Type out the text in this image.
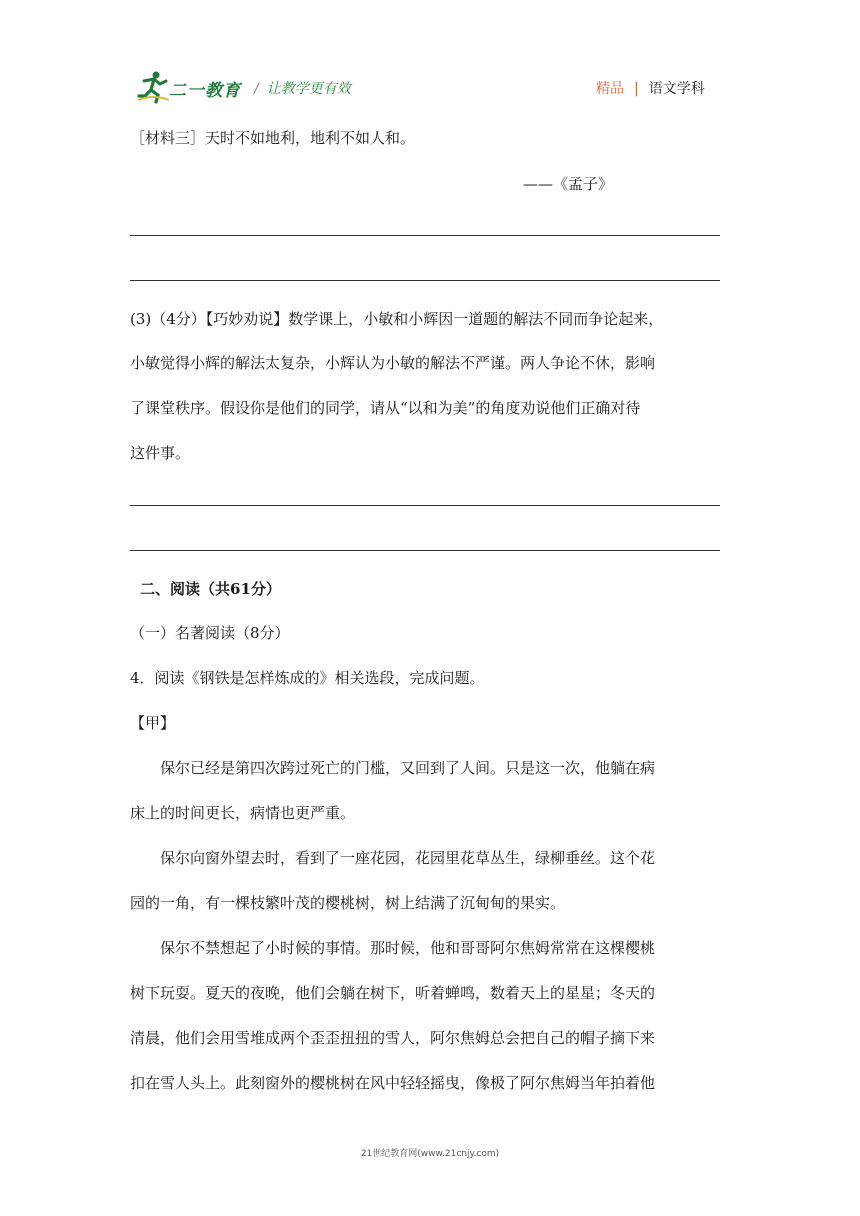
二一教育 / 让教学更有效	精品 | 语文学科
［材料三］天时不如地利，地利不如人和。
——《孟子》
(3)（4分）【巧妙劝说】数学课上，小敏和小辉因一道题的解法不同而争论起来，
小敏觉得小辉的解法太复杂，小辉认为小敏的解法不严谨。两人争论不休，影响
了课堂秩序。假设你是他们的同学，请从“以和为美”的角度劝说他们正确对待
这件事。
二、阅读（共61分）
（一）名著阅读（8分）
4．阅读《钢铁是怎样炼成的》相关选段，完成问题。
【甲】
保尔已经是第四次跨过死亡的门槛，又回到了人间。只是这一次，他躺在病
床上的时间更长，病情也更严重。
保尔向窗外望去时，看到了一座花园，花园里花草丛生，绿柳垂丝。这个花
园的一角，有一棵枝繁叶茂的樱桃树，树上结满了沉甸甸的果实。
保尔不禁想起了小时候的事情。那时候，他和哥哥阿尔焦姆常常在这棵樱桃
树下玩耍。夏天的夜晚，他们会躺在树下，听着蝉鸣，数着天上的星星；冬天的
清晨，他们会用雪堆成两个歪歪扭扭的雪人，阿尔焦姆总会把自己的帽子摘下来
扣在雪人头上。此刻窗外的樱桃树在风中轻轻摇曳，像极了阿尔焦姆当年拍着他
21世纪教育网(www.21cnjy.com)
